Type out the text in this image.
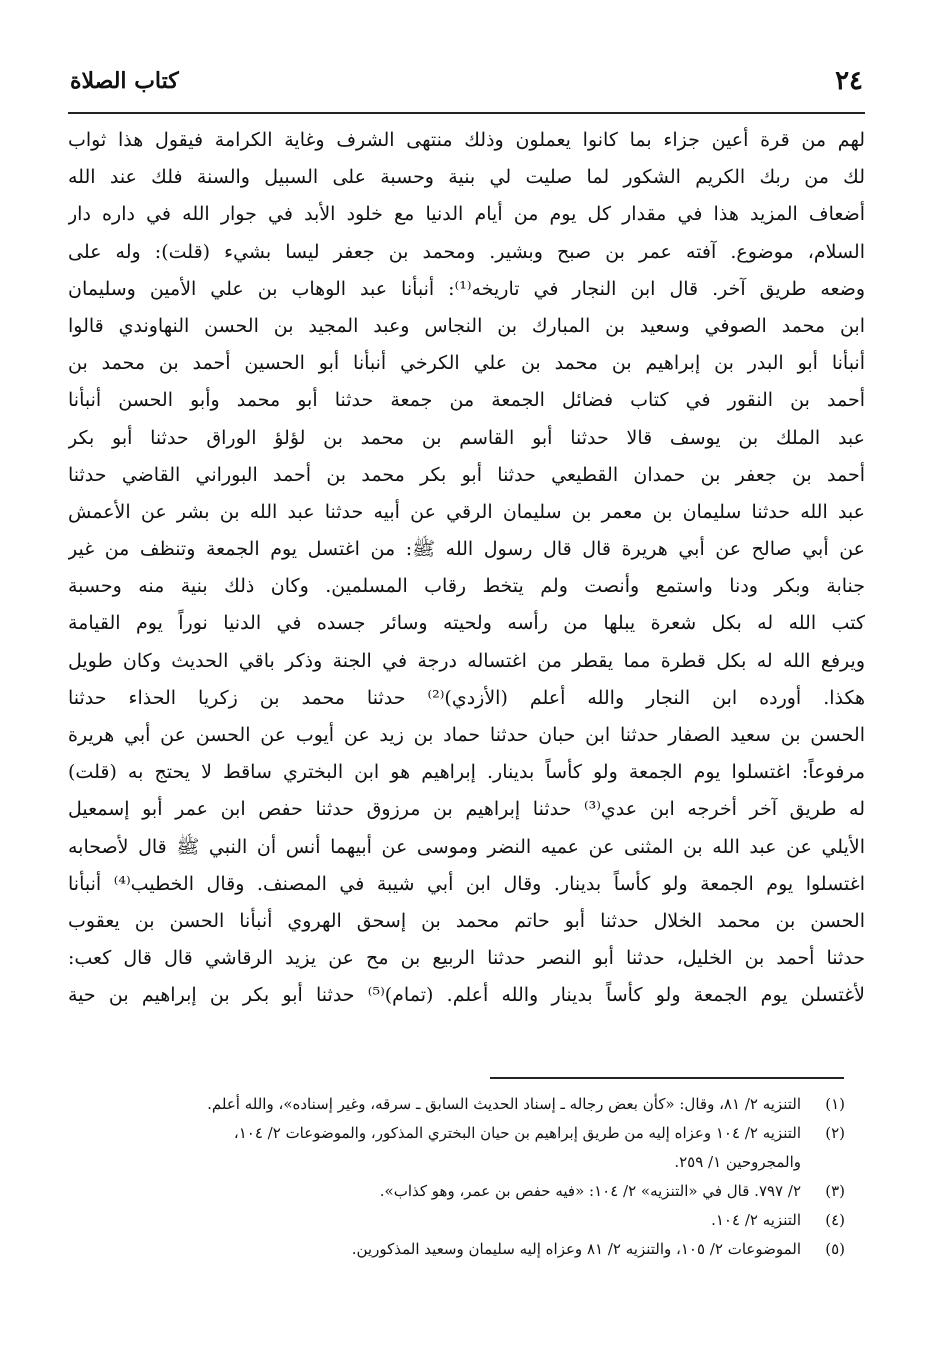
٢٤
كتاب الصلاة
لهم من قرة أعين جزاء بما كانوا يعملون وذلك منتهى الشرف وغاية الكرامة فيقول هذا ثواب
لك من ربك الكريم الشكور لما صليت لي بنية وحسبة على السبيل والسنة فلك عند الله
أضعاف المزيد هذا في مقدار كل يوم من أيام الدنيا مع خلود الأبد في جوار الله في داره دار
السلام، موضوع. آفته عمر بن صبح وبشير. ومحمد بن جعفر ليسا بشيء (قلت): وله على
وضعه طريق آخر. قال ابن النجار في تاريخه⁽¹⁾: أنبأنا عبد الوهاب بن علي الأمين وسليمان
ابن محمد الصوفي وسعيد بن المبارك بن النجاس وعبد المجيد بن الحسن النهاوندي قالوا
أنبأنا أبو البدر بن إبراهيم بن محمد بن علي الكرخي أنبأنا أبو الحسين أحمد بن محمد بن
أحمد بن النقور في كتاب فضائل الجمعة من جمعة حدثنا أبو محمد وأبو الحسن أنبأنا
عبد الملك بن يوسف قالا حدثنا أبو القاسم بن محمد بن لؤلؤ الوراق حدثنا أبو بكر
أحمد بن جعفر بن حمدان القطيعي حدثنا أبو بكر محمد بن أحمد البوراني القاضي حدثنا
عبد الله حدثنا سليمان بن معمر بن سليمان الرقي عن أبيه حدثنا عبد الله بن بشر عن الأعمش
عن أبي صالح عن أبي هريرة قال قال رسول الله ﷺ: من اغتسل يوم الجمعة وتنظف من غير
جنابة وبكر ودنا واستمع وأنصت ولم يتخط رقاب المسلمين. وكان ذلك بنية منه وحسبة
كتب الله له بكل شعرة يبلها من رأسه ولحيته وسائر جسده في الدنيا نوراً يوم القيامة
ويرفع الله له بكل قطرة مما يقطر من اغتساله درجة في الجنة وذكر باقي الحديث وكان طويل
هكذا. أورده ابن النجار والله أعلم (الأزدي)⁽²⁾ حدثنا محمد بن زكريا الحذاء حدثنا
الحسن بن سعيد الصفار حدثنا ابن حبان حدثنا حماد بن زيد عن أيوب عن الحسن عن أبي هريرة
مرفوعاً: اغتسلوا يوم الجمعة ولو كأساً بدينار. إبراهيم هو ابن البختري ساقط لا يحتج به (قلت)
له طريق آخر أخرجه ابن عدي⁽³⁾ حدثنا إبراهيم بن مرزوق حدثنا حفص ابن عمر أبو إسمعيل
الأيلي عن عبد الله بن المثنى عن عميه النضر وموسى عن أبيهما أنس أن النبي ﷺ قال لأصحابه
اغتسلوا يوم الجمعة ولو كأساً بدينار. وقال ابن أبي شيبة في المصنف. وقال الخطيب⁽⁴⁾ أنبأنا
الحسن بن محمد الخلال حدثنا أبو حاتم محمد بن إسحق الهروي أنبأنا الحسن بن يعقوب
حدثنا أحمد بن الخليل، حدثنا أبو النصر حدثنا الربيع بن مح عن يزيد الرقاشي قال قال كعب:
لأغتسلن يوم الجمعة ولو كأساً بدينار والله أعلم. (تمام)⁽⁵⁾ حدثنا أبو بكر بن إبراهيم بن حية
(١)
التنزيه ٢/ ٨١، وقال: «كأن بعض رجاله ـ إسناد الحديث السابق ـ سرقه، وغير إسناده»، والله أعلم.
(٢)
التنزيه ٢/ ١٠٤ وعزاه إليه من طريق إبراهيم بن حيان البختري المذكور، والموضوعات ٢/ ١٠٤،
والمجروحين ١/ ٢٥٩.
(٣)
٢/ ٧٩٧. قال في «التنزيه» ٢/ ١٠٤: «فيه حفص بن عمر، وهو كذاب».
(٤)
التنزيه ٢/ ١٠٤.
(٥)
الموضوعات ٢/ ١٠٥، والتنزيه ٢/ ٨١ وعزاه إليه سليمان وسعيد المذكورين.
